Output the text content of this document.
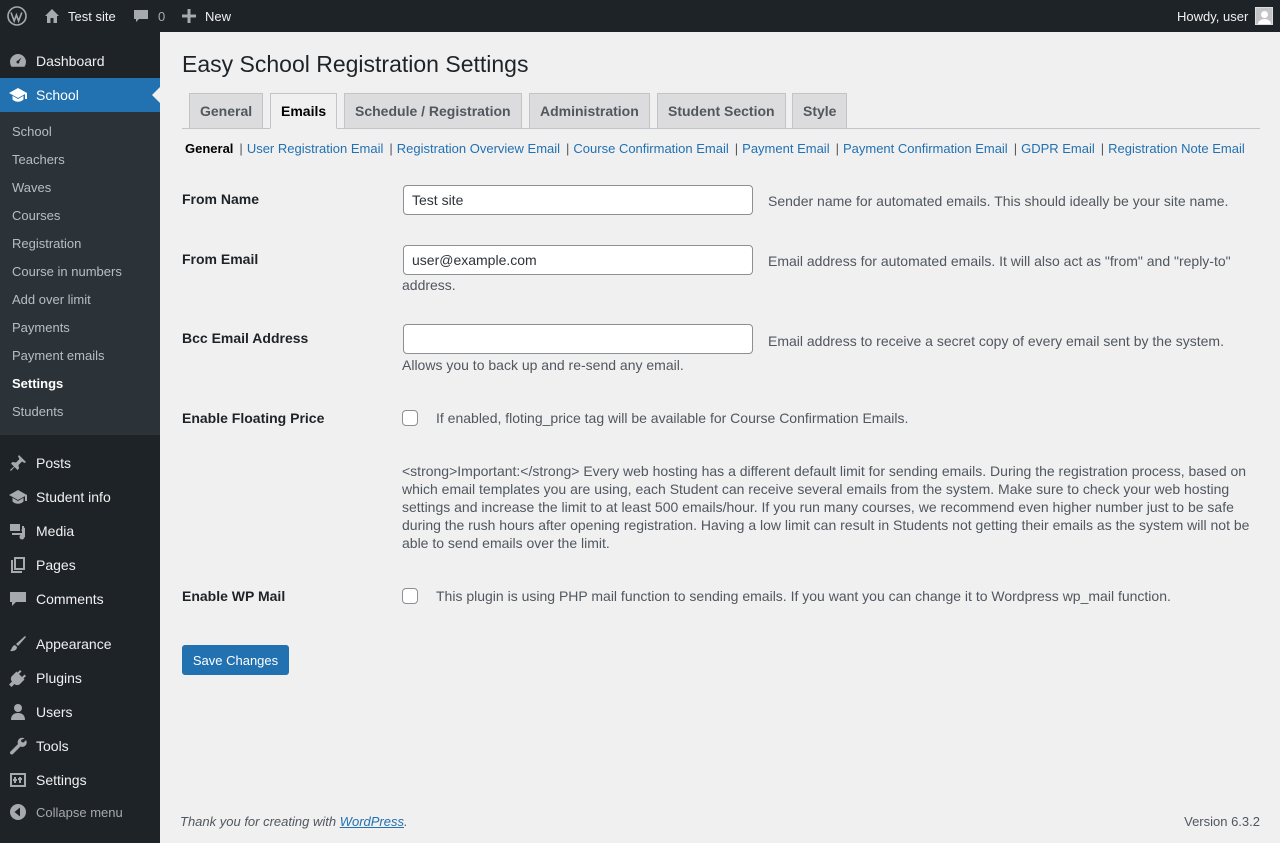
Test site	0	New	Howdy, user
Dashboard
School
School
Teachers
Waves
Courses
Registration
Course in numbers
Add over limit
Payments
Payment emails
Settings
Students
Posts
Student info
Media
Pages
Comments
Appearance
Plugins
Users
Tools
Settings
Collapse menu
Easy School Registration Settings
General	Emails	Schedule / Registration	Administration	Student Section	Style
General | User Registration Email | Registration Overview Email | Course Confirmation Email | Payment Email | Payment Confirmation Email | GDPR Email | Registration Note Email
From Name
Test site	Sender name for automated emails. This should ideally be your site name.
From Email
user@example.com	Email address for automated emails. It will also act as "from" and "reply-to"
address.
Bcc Email Address	Email address to receive a secret copy of every email sent by the system.
Allows you to back up and re-send any email.
Enable Floating Price	If enabled, floting_price tag will be available for Course Confirmation Emails.
<strong>Important:</strong> Every web hosting has a different default limit for sending emails. During the registration process, based on which email templates you are using, each Student can receive several emails from the system. Make sure to check your web hosting settings and increase the limit to at least 500 emails/hour. If you run many courses, we recommend even higher number just to be safe during the rush hours after opening registration. Having a low limit can result in Students not getting their emails as the system will not be able to send emails over the limit.
Enable WP Mail	This plugin is using PHP mail function to sending emails. If you want you can change it to Wordpress wp_mail function.
Save Changes
Thank you for creating with WordPress.	Version 6.3.2
